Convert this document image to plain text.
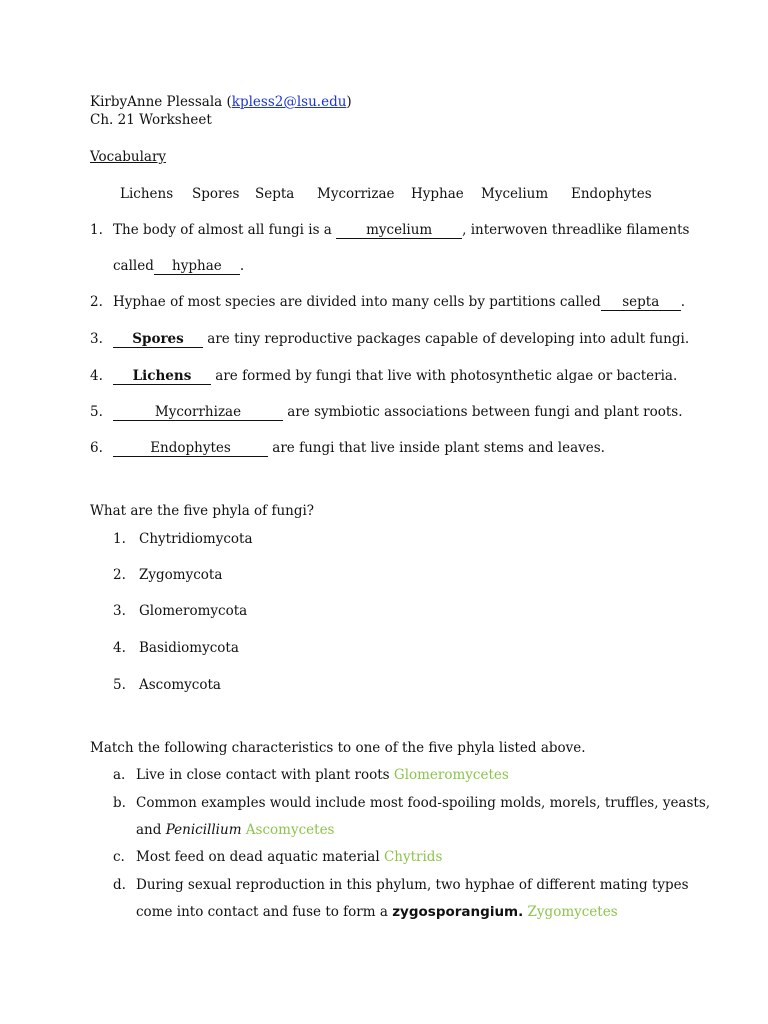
KirbyAnne Plessala (kpless2@lsu.edu)
Ch. 21 Worksheet
Vocabulary
Lichens Spores Septa Mycorrizae Hyphae Mycelium Endophytes
1. The body of almost all fungi is a mycelium , interwoven threadlike filaments
called hyphae .
2. Hyphae of most species are divided into many cells by partitions called septa .
3.	Spores are tiny reproductive packages capable of developing into adult fungi.
4.	Lichens are formed by fungi that live with photosynthetic algae or bacteria.
5.	Mycorrhizae	are symbiotic associations between fungi and plant roots.
6.	Endophytes	are fungi that live inside plant stems and leaves.
What are the five phyla of fungi?
1. Chytridiomycota
2. Zygomycota
3. Glomeromycota
4. Basidiomycota
5. Ascomycota
Match the following characteristics to one of the five phyla listed above.
a. Live in close contact with plant roots Glomeromycetes
b. Common examples would include most food-spoiling molds, morels, truffles, yeasts,
and Penicillium Ascomycetes
c. Most feed on dead aquatic material Chytrids
d. During sexual reproduction in this phylum, two hyphae of different mating types
come into contact and fuse to form a zygosporangium. Zygomycetes
